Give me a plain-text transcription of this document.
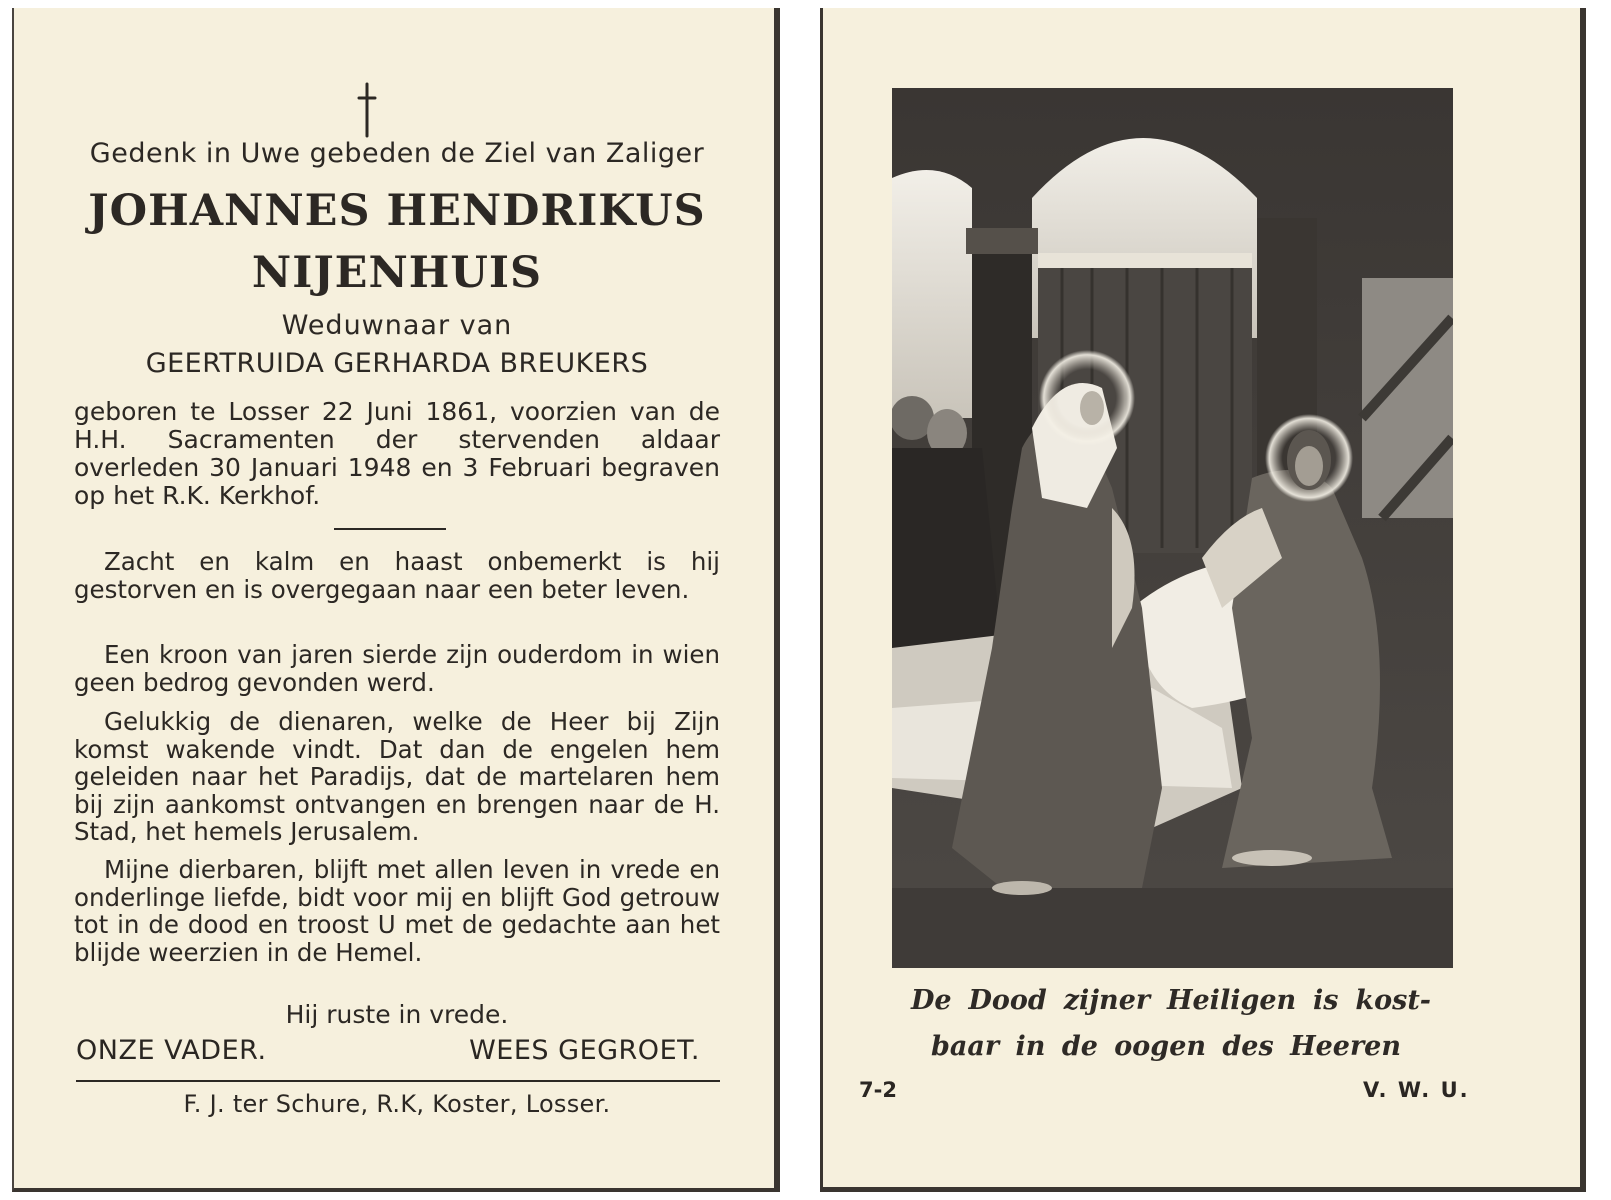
Gedenk in Uwe gebeden de Ziel van Zaliger

JOHANNES HENDRIKUS

NIJENHUIS

Weduwnaar van

GEERTRUIDA GERHARDA BREUKERS

geboren te Losser 22 Juni 1861, voorzien van de H.H. Sacramenten der stervenden aldaar overleden 30 Januari 1948 en 3 Februari begraven op het R.K. Kerkhof.

Zacht en kalm en haast onbemerkt is hij gestorven en is overgegaan naar een beter leven.

Een kroon van jaren sierde zijn ouderdom in wien geen bedrog gevonden werd.

Gelukkig de dienaren, welke de Heer bij Zijn komst wakende vindt. Dat dan de engelen hem geleiden naar het Paradijs, dat de martelaren hem bij zijn aankomst ontvangen en brengen naar de H. Stad, het hemels Jerusalem.

Mijne dierbaren, blijft met allen leven in vrede en onderlinge liefde, bidt voor mij en blijft God getrouw tot in de dood en troost U met de gedachte aan het blijde weerzien in de Hemel.

Hij ruste in vrede.

ONZE VADER.	WEES GEGROET.

F. J. ter Schure, R.K, Koster, Losser.

De Dood zijner Heiligen is kost-
baar in de oogen des Heeren

7-2	V. W. U.
